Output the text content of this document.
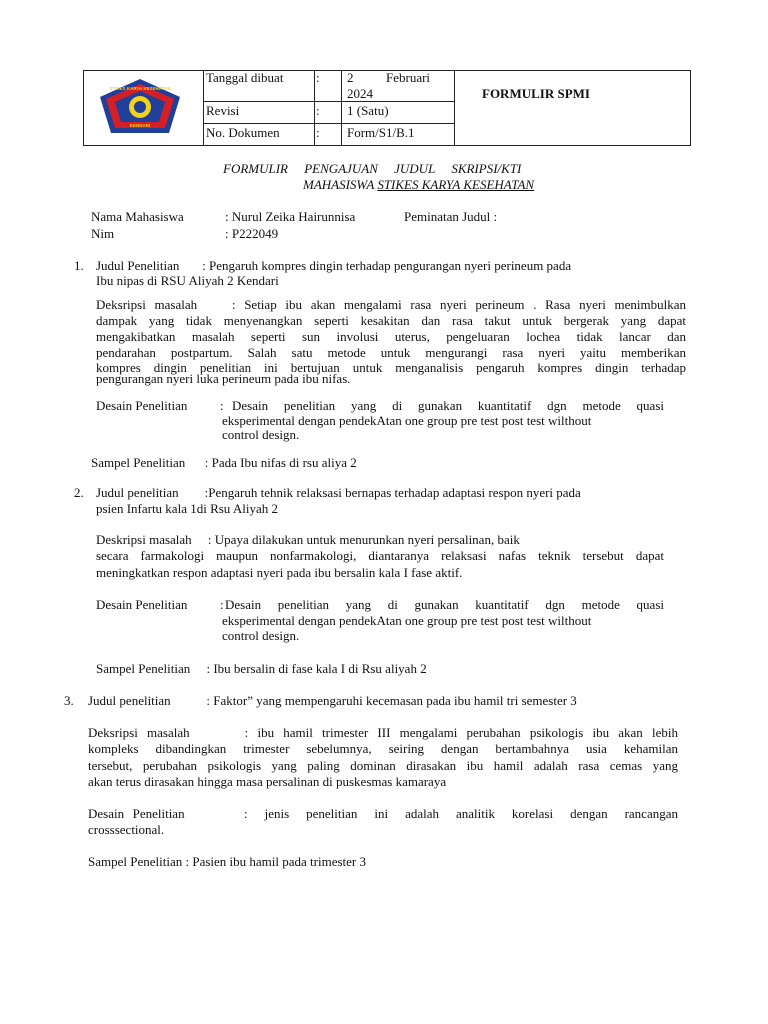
STIKES KARYA KESEHATAN
KENDARI
Tanggal dibuat	: 2          Februari
2024
Revisi	: 1 (Satu)
No. Dokumen	: Form/S1/B.1
FORMULIR SPMI
FORMULIR     PENGAJUAN     JUDUL     SKRIPSI/KTI
MAHASISWA STIKES KARYA KESEHATAN
Nama Mahasiswa	: Nurul Zeika Hairunnisa	Peminatan Judul :
Nim	: P222049
1. Judul Penelitian       : Pengaruh kompres dingin terhadap pengurangan nyeri perineum pada
Ibu nipas di RSU Aliyah 2 Kendari
Deksripsi masalah    : Setiap ibu akan mengalami rasa nyeri perineum . Rasa nyeri menimbulkan
dampak yang tidak menyenangkan seperti kesakitan dan rasa takut untuk bergerak yang dapat
mengakibatkan masalah seperti sun involusi uterus, pengeluaran lochea tidak lancar dan
pendarahan postpartum. Salah satu metode untuk mengurangi rasa nyeri yaitu memberikan
kompres dingin penelitian ini bertujuan untuk menganalisis pengaruh kompres dingin terhadap
pengurangan nyeri luka perineum pada ibu nifas.
Desain Penelitian	: Desain penelitian yang di gunakan kuantitatif dgn metode quasi
eksperimental dengan pendekAtan one group pre test post test wilthout
control design.
Sampel Penelitian      : Pada Ibu nifas di rsu aliya 2
2. Judul penelitian        :Pengaruh tehnik relaksasi bernapas terhadap adaptasi respon nyeri pada
psien Infartu kala 1di Rsu Aliyah 2
Deskripsi masalah     : Upaya dilakukan untuk menurunkan nyeri persalinan, baik
secara farmakologi maupun nonfarmakologi, diantaranya relaksasi nafas teknik tersebut dapat
meningkatkan respon adaptasi nyeri pada ibu bersalin kala I fase aktif.
Desain Penelitian	: Desain penelitian yang di gunakan kuantitatif dgn metode quasi
eksperimental dengan pendekAtan one group pre test post test wilthout
control design.
Sampel Penelitian     : Ibu bersalin di fase kala I di Rsu aliyah 2
3. Judul penelitian           : Faktor” yang mempengaruhi kecemasan pada ibu hamil tri semester 3
Deksripsi masalah      : ibu hamil trimester III mengalami perubahan psikologis ibu akan lebih
kompleks dibandingkan trimester sebelumnya, seiring dengan bertambahnya usia kehamilan
tersebut, perubahan psikologis yang paling dominan dirasakan ibu hamil adalah rasa cemas yang
akan terus dirasakan hingga masa persalinan di puskesmas kamaraya
Desain Penelitian       :  jenis  penelitian  ini  adalah  analitik  korelasi  dengan  rancangan
crosssectional.
Sampel Penelitian : Pasien ibu hamil pada trimester 3
